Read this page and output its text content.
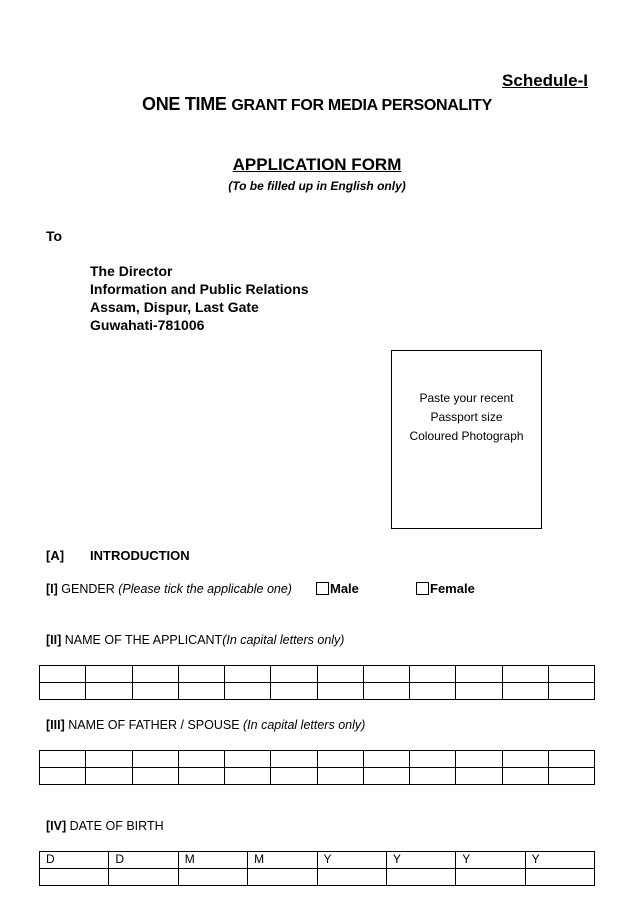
Schedule-I
ONE TIME GRANT FOR MEDIA PERSONALITY
APPLICATION FORM
(To be filled up in English only)
To
The Director
Information and Public Relations
Assam, Dispur, Last Gate
Guwahati-781006
Paste your recent
Passport size
Coloured Photograph
[A] INTRODUCTION
[I] GENDER (Please tick the applicable one)	Male	Female
[II] NAME OF THE APPLICANT(In capital letters only)

[III] NAME OF FATHER / SPOUSE (In capital letters only)

[IV] DATE OF BIRTH
D	D	M	M	Y	Y	Y	Y
